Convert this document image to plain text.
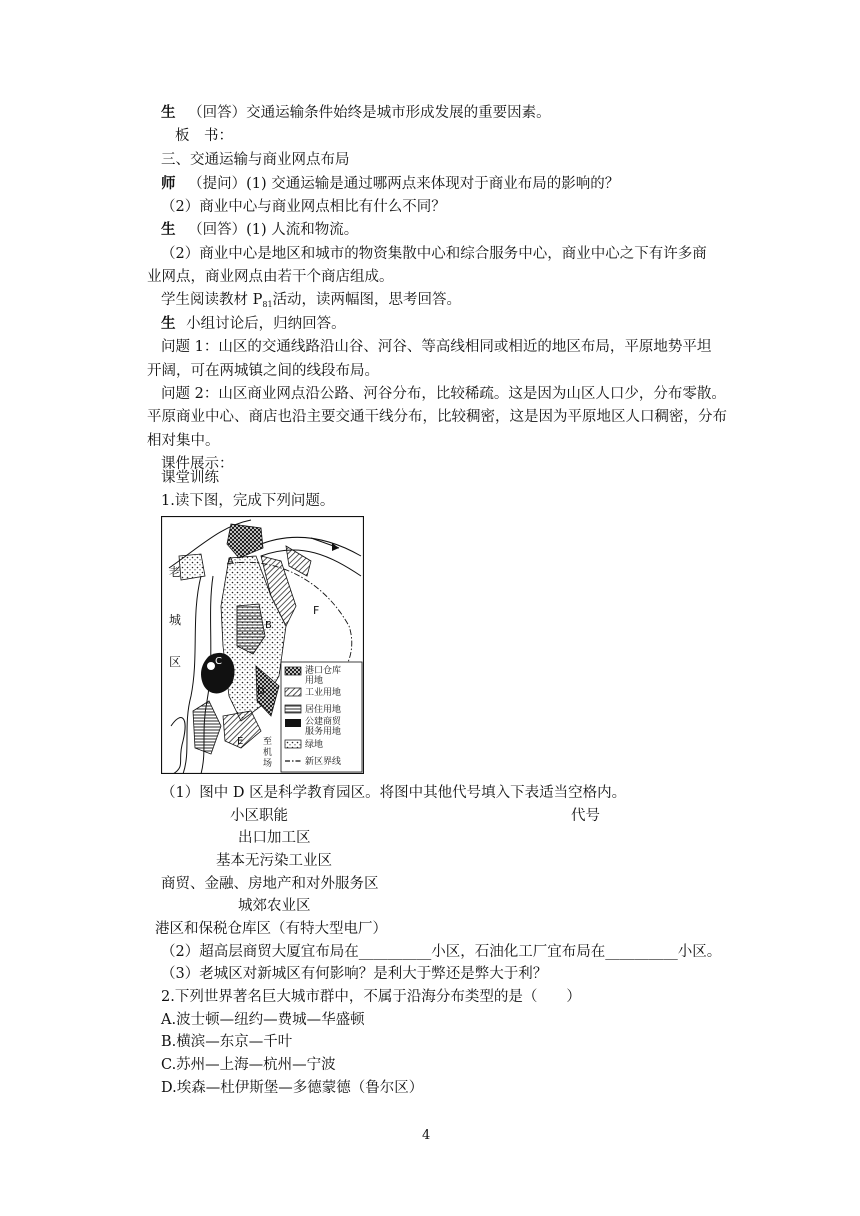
生 （回答）交通运输条件始终是城市形成发展的重要因素。
板　书：
三、交通运输与商业网点布局
师 （提问）(1) 交通运输是通过哪两点来体现对于商业布局的影响的？
（2）商业中心与商业网点相比有什么不同？
生 （回答）(1) 人流和物流。
（2）商业中心是地区和城市的物资集散中心和综合服务中心，商业中心之下有许多商
业网点，商业网点由若干个商店组成。
学生阅读教材 $P_{81}$活动，读两幅图，思考回答。
生 小组讨论后，归纳回答。
问题 1：山区的交通线路沿山谷、河谷、等高线相同或相近的地区布局，平原地势平坦
开阔，可在两城镇之间的线段布局。
问题 2：山区商业网点沿公路、河谷分布，比较稀疏。这是因为山区人口少，分布零散。
平原商业中心、商店也沿主要交通干线分布，比较稠密，这是因为平原地区人口稠密，分布
相对集中。
课件展示：
课堂训练
1.读下图，完成下列问题。
老
城
区
A
B
C
D
E
F
至
机
场
港口仓库
用地
工业用地
居住用地
公建商贸
服务用地
绿地
新区界线
（1）图中 D 区是科学教育园区。将图中其他代号填入下表适当空格内。
小区职能	代号
出口加工区
基本无污染工业区
商贸、金融、房地产和对外服务区
城郊农业区
港区和保税仓库区（有特大型电厂）
（2）超高层商贸大厦宜布局在__________小区，石油化工厂宜布局在__________小区。
（3）老城区对新城区有何影响？是利大于弊还是弊大于利？
2.下列世界著名巨大城市群中，不属于沿海分布类型的是（　　）
A.波士顿—纽约—费城—华盛顿
B.横滨—东京—千叶
C.苏州—上海—杭州—宁波
D.埃森—杜伊斯堡—多德蒙德（鲁尔区）
4
